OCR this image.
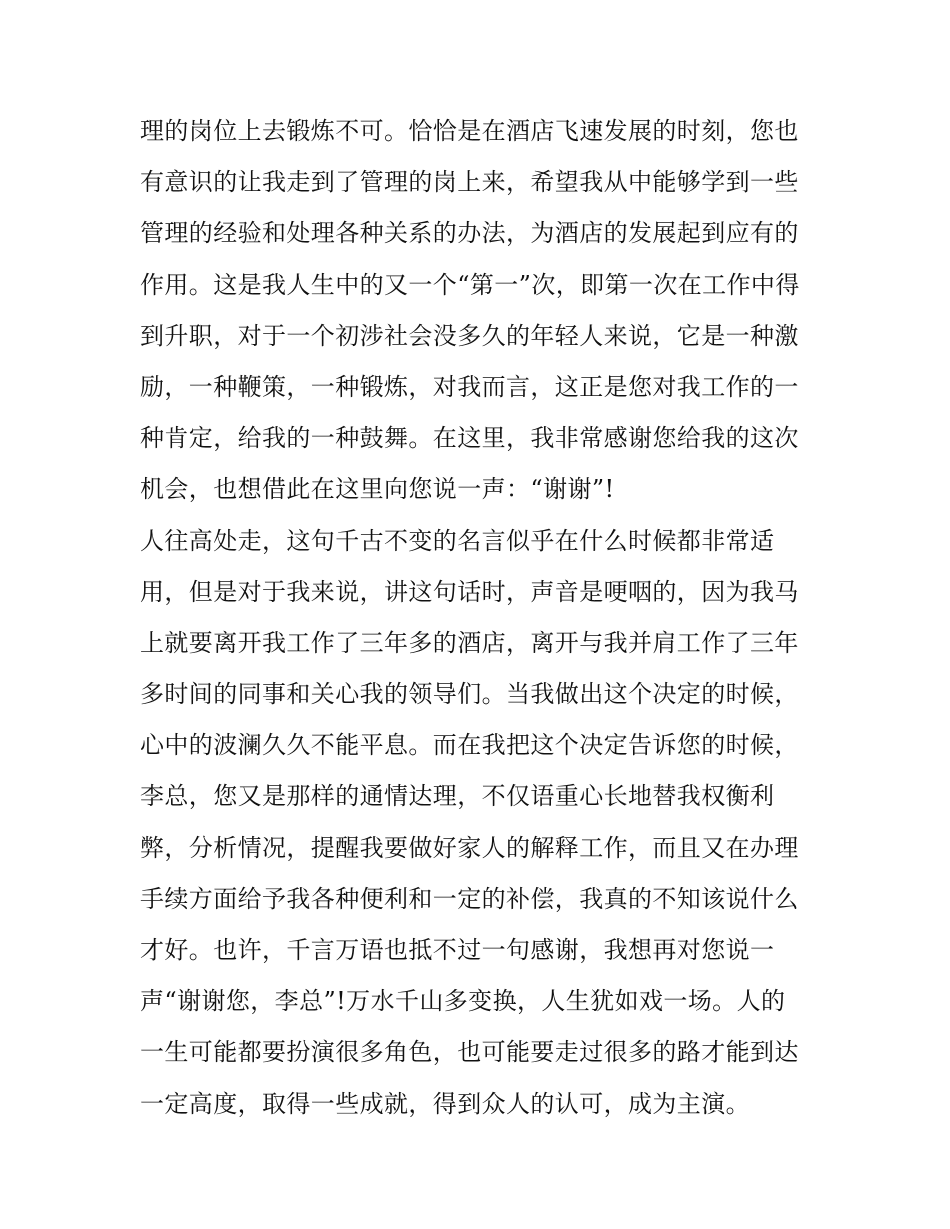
理的岗位上去锻炼不可。恰恰是在酒店飞速发展的时刻，您也
有意识的让我走到了管理的岗上来，希望我从中能够学到一些
管理的经验和处理各种关系的办法，为酒店的发展起到应有的
作用。这是我人生中的又一个“第一”次，即第一次在工作中得
到升职，对于一个初涉社会没多久的年轻人来说，它是一种激
励，一种鞭策，一种锻炼，对我而言，这正是您对我工作的一
种肯定，给我的一种鼓舞。在这里，我非常感谢您给我的这次
机会，也想借此在这里向您说一声：“谢谢”!
人往高处走，这句千古不变的名言似乎在什么时候都非常适
用，但是对于我来说，讲这句话时，声音是哽咽的，因为我马
上就要离开我工作了三年多的酒店，离开与我并肩工作了三年
多时间的同事和关心我的领导们。当我做出这个决定的时候，
心中的波澜久久不能平息。而在我把这个决定告诉您的时候，
李总，您又是那样的通情达理，不仅语重心长地替我权衡利
弊，分析情况，提醒我要做好家人的解释工作，而且又在办理
手续方面给予我各种便利和一定的补偿，我真的不知该说什么
才好。也许，千言万语也抵不过一句感谢，我想再对您说一
声“谢谢您，李总”!万水千山多变换，人生犹如戏一场。人的
一生可能都要扮演很多角色，也可能要走过很多的路才能到达
一定高度，取得一些成就，得到众人的认可，成为主演。
